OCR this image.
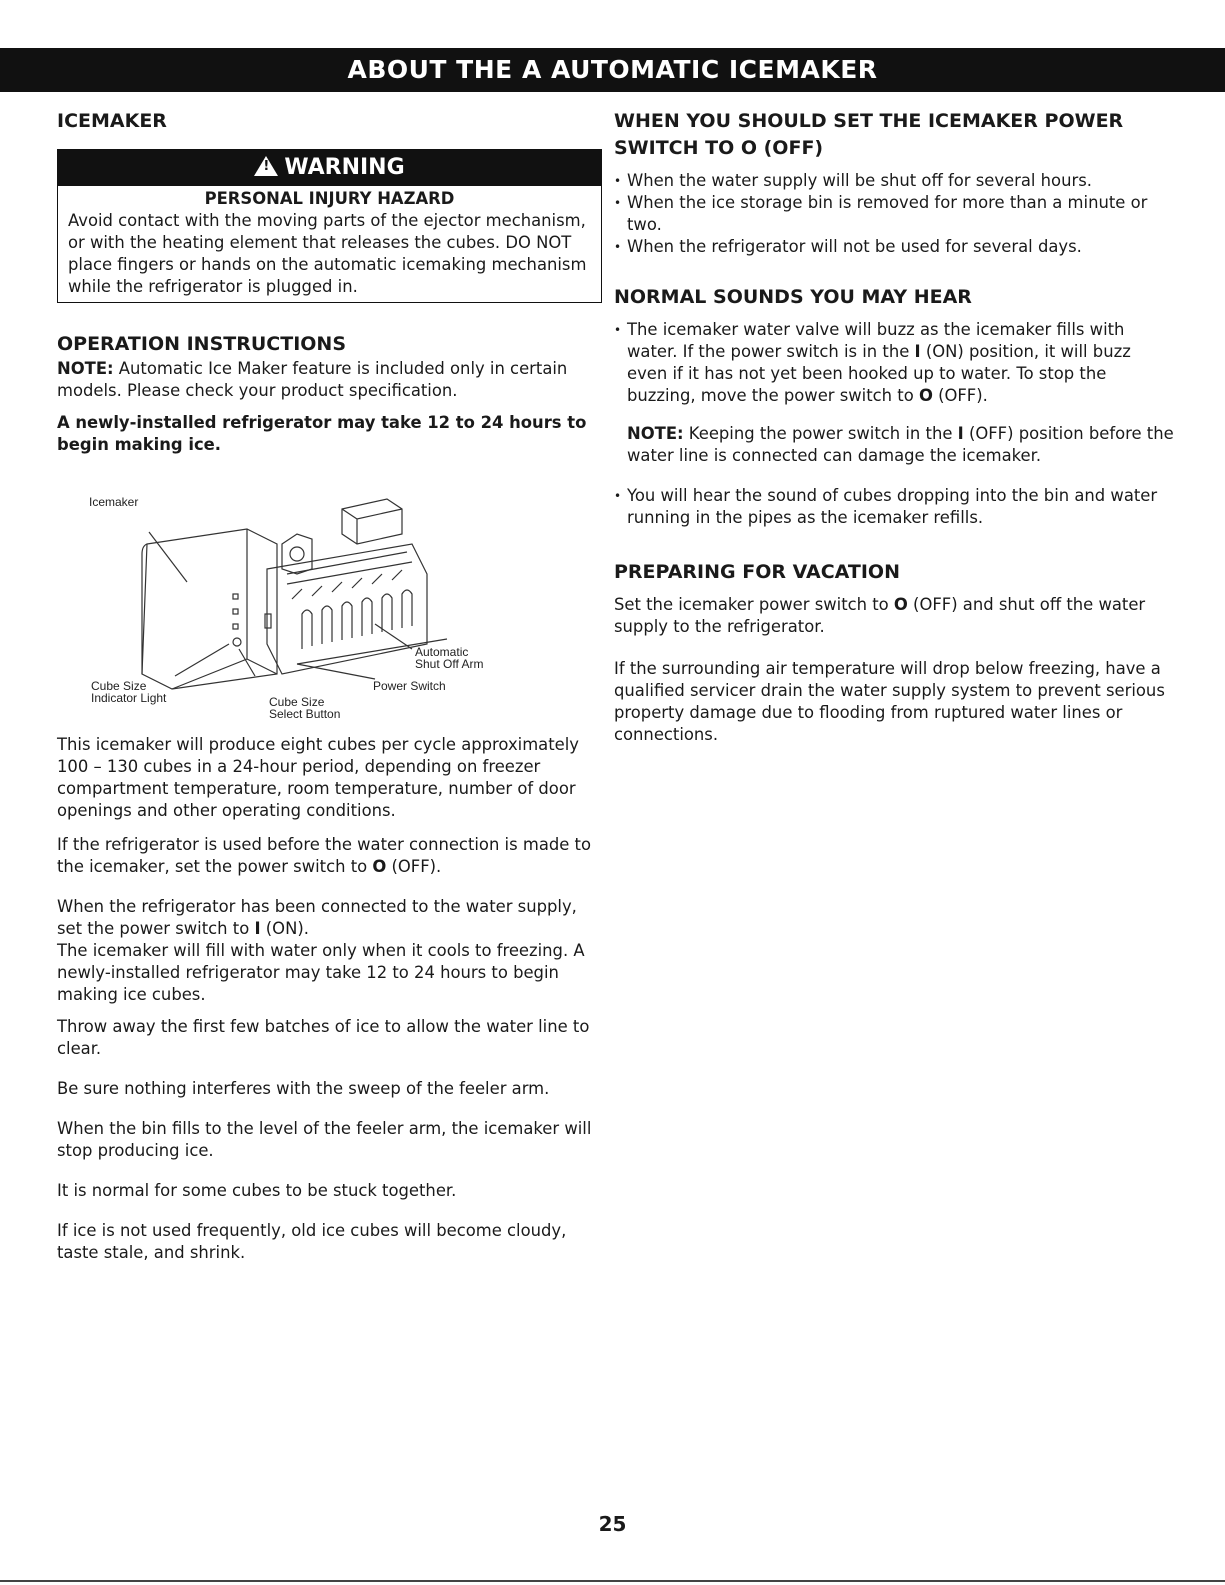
ABOUT THE A AUTOMATIC ICEMAKER
ICEMAKER
!WARNING
PERSONAL INJURY HAZARD
Avoid contact with the moving parts of the ejector mechanism, or with the heating element that releases the cubes. DO NOT place fingers or hands on the automatic icemaking mechanism while the refrigerator is plugged in.
OPERATION INSTRUCTIONS

NOTE: Automatic Ice Maker feature is included only in certain models. Please check your product specification.

A newly-installed refrigerator may take 12 to 24 hours to begin making ice.

Icemaker
Automatic
Shut Off Arm
Power Switch
Cube Size
Indicator Light	Cube Size
Select Button

This icemaker will produce eight cubes per cycle approximately 100 – 130 cubes in a 24-hour period, depending on freezer compartment temperature, room temperature, number of door openings and other operating conditions.

If the refrigerator is used before the water connection is made to the icemaker, set the power switch to O (OFF).

When the refrigerator has been connected to the water supply, set the power switch to I (ON).

The icemaker will fill with water only when it cools to freezing. A newly-installed refrigerator may take 12 to 24 hours to begin making ice cubes.

Throw away the first few batches of ice to allow the water line to clear.

Be sure nothing interferes with the sweep of the feeler arm.

When the bin fills to the level of the feeler arm, the icemaker will stop producing ice.

It is normal for some cubes to be stuck together.

If ice is not used frequently, old ice cubes will become cloudy, taste stale, and shrink.

WHEN YOU SHOULD SET THE ICEMAKER POWER
SWITCH TO O (OFF)
• When the water supply will be shut off for several hours.
• When the ice storage bin is removed for more than a minute or two.
• When the refrigerator will not be used for several days.
NORMAL SOUNDS YOU MAY HEAR
• The icemaker water valve will buzz as the icemaker fills with water. If the power switch is in the I (ON) position, it will buzz even if it has not yet been hooked up to water. To stop the buzzing, move the power switch to O (OFF).

NOTE: Keeping the power switch in the I (OFF) position before the water line is connected can damage the icemaker.

• You will hear the sound of cubes dropping into the bin and water running in the pipes as the icemaker refills.
PREPARING FOR VACATION

Set the icemaker power switch to O (OFF) and shut off the water supply to the refrigerator.

If the surrounding air temperature will drop below freezing, have a qualified servicer drain the water supply system to prevent serious property damage due to flooding from ruptured water lines or connections.

25
